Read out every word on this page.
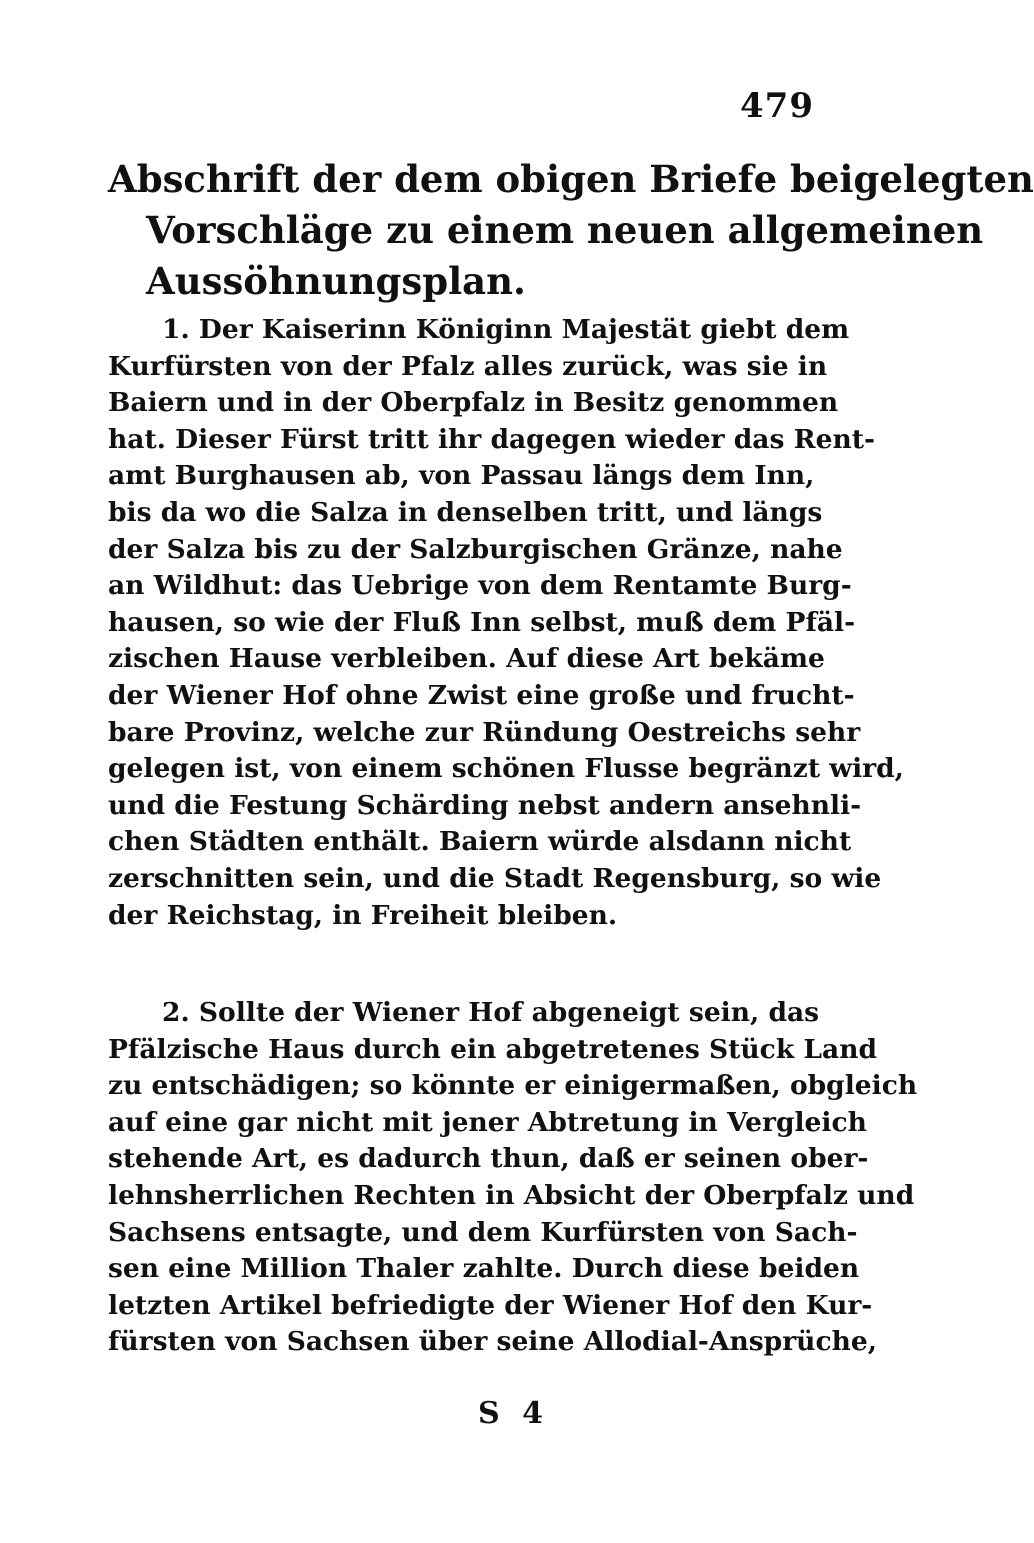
479
Abschrift der dem obigen Briefe beigelegten
Vorschläge zu einem neuen allgemeinen
Aussöhnungsplan.
1. Der Kaiserinn Königinn Majestät giebt dem
Kurfürsten von der Pfalz alles zurück, was sie in
Baiern und in der Oberpfalz in Besitz genommen
hat. Dieser Fürst tritt ihr dagegen wieder das Rent-
amt Burghausen ab, von Passau längs dem Inn,
bis da wo die Salza in denselben tritt, und längs
der Salza bis zu der Salzburgischen Gränze, nahe
an Wildhut: das Uebrige von dem Rentamte Burg-
hausen, so wie der Fluß Inn selbst, muß dem Pfäl-
zischen Hause verbleiben. Auf diese Art bekäme
der Wiener Hof ohne Zwist eine große und frucht-
bare Provinz, welche zur Ründung Oestreichs sehr
gelegen ist, von einem schönen Flusse begränzt wird,
und die Festung Schärding nebst andern ansehnli-
chen Städten enthält. Baiern würde alsdann nicht
zerschnitten sein, und die Stadt Regensburg, so wie
der Reichstag, in Freiheit bleiben.
2. Sollte der Wiener Hof abgeneigt sein, das
Pfälzische Haus durch ein abgetretenes Stück Land
zu entschädigen; so könnte er einigermaßen, obgleich
auf eine gar nicht mit jener Abtretung in Vergleich
stehende Art, es dadurch thun, daß er seinen ober-
lehnsherrlichen Rechten in Absicht der Oberpfalz und
Sachsens entsagte, und dem Kurfürsten von Sach-
sen eine Million Thaler zahlte. Durch diese beiden
letzten Artikel befriedigte der Wiener Hof den Kur-
fürsten von Sachsen über seine Allodial-Ansprüche,
S 4
